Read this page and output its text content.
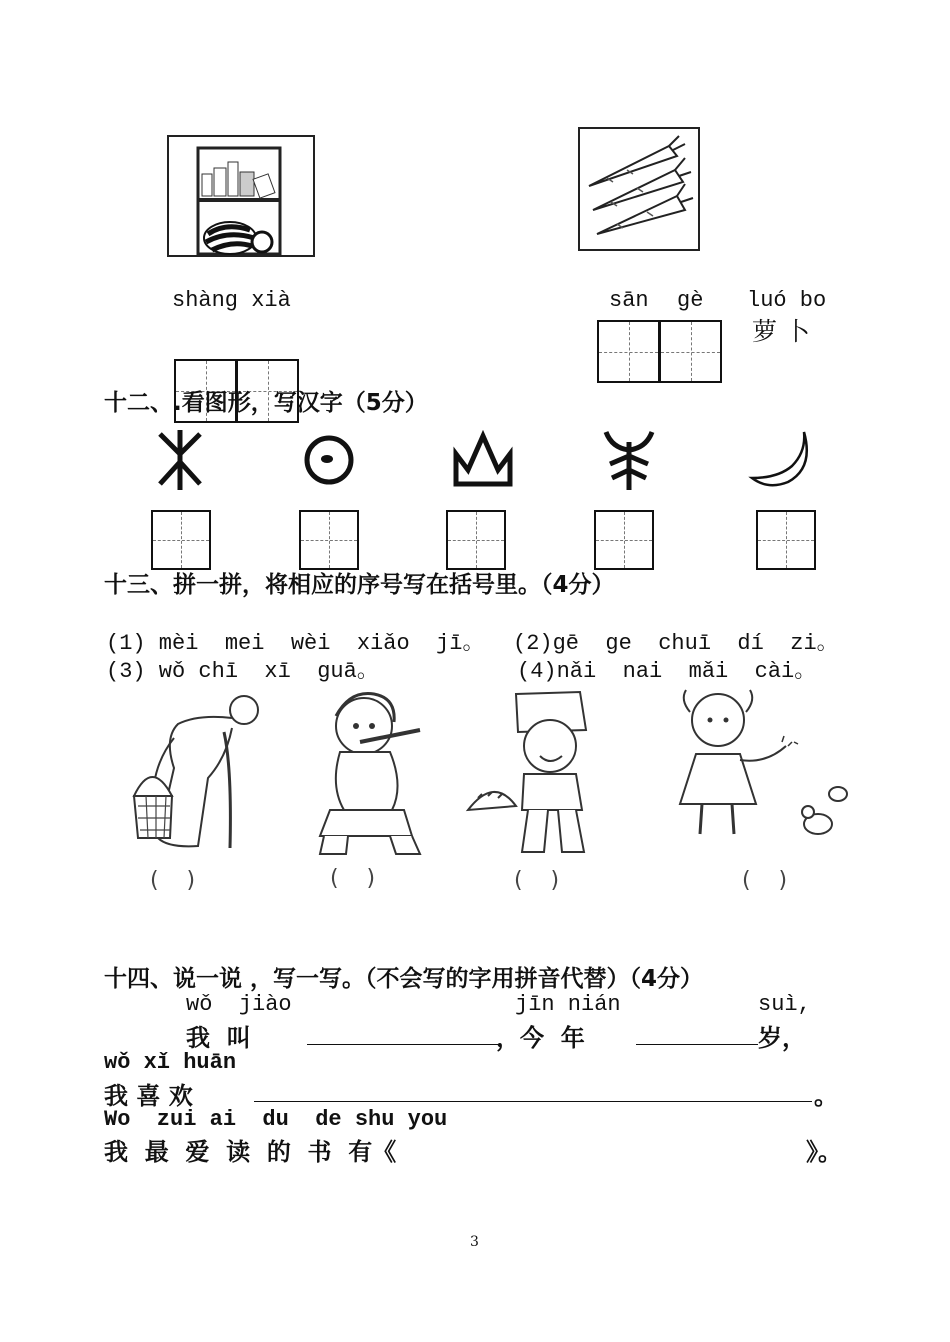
shàng xià	sān gè luó bo
萝 卜
十二、.看图形，写汉字（5分）
十三、拼一拼，将相应的序号写在括号里。（4分）
(1) mèi  mei  wèi  xiǎo  jī。 (2)gē  ge  chuī  dí  zi。
(3) wǒ chī  xī  guā。	(4)nǎi  nai  mǎi  cài。
(    )	(    )	(    )	(    )
十四、说一说 ，写一写。（不会写的字用拼音代替）（4分）
wǒ  jiào	jīn nián	suì,
我  叫	，今  年	岁，
wǒ xǐ huān
我 喜 欢	。
Wo  zui ai  du  de shu you
我  最  爱  读  的  书  有《	》。
3
